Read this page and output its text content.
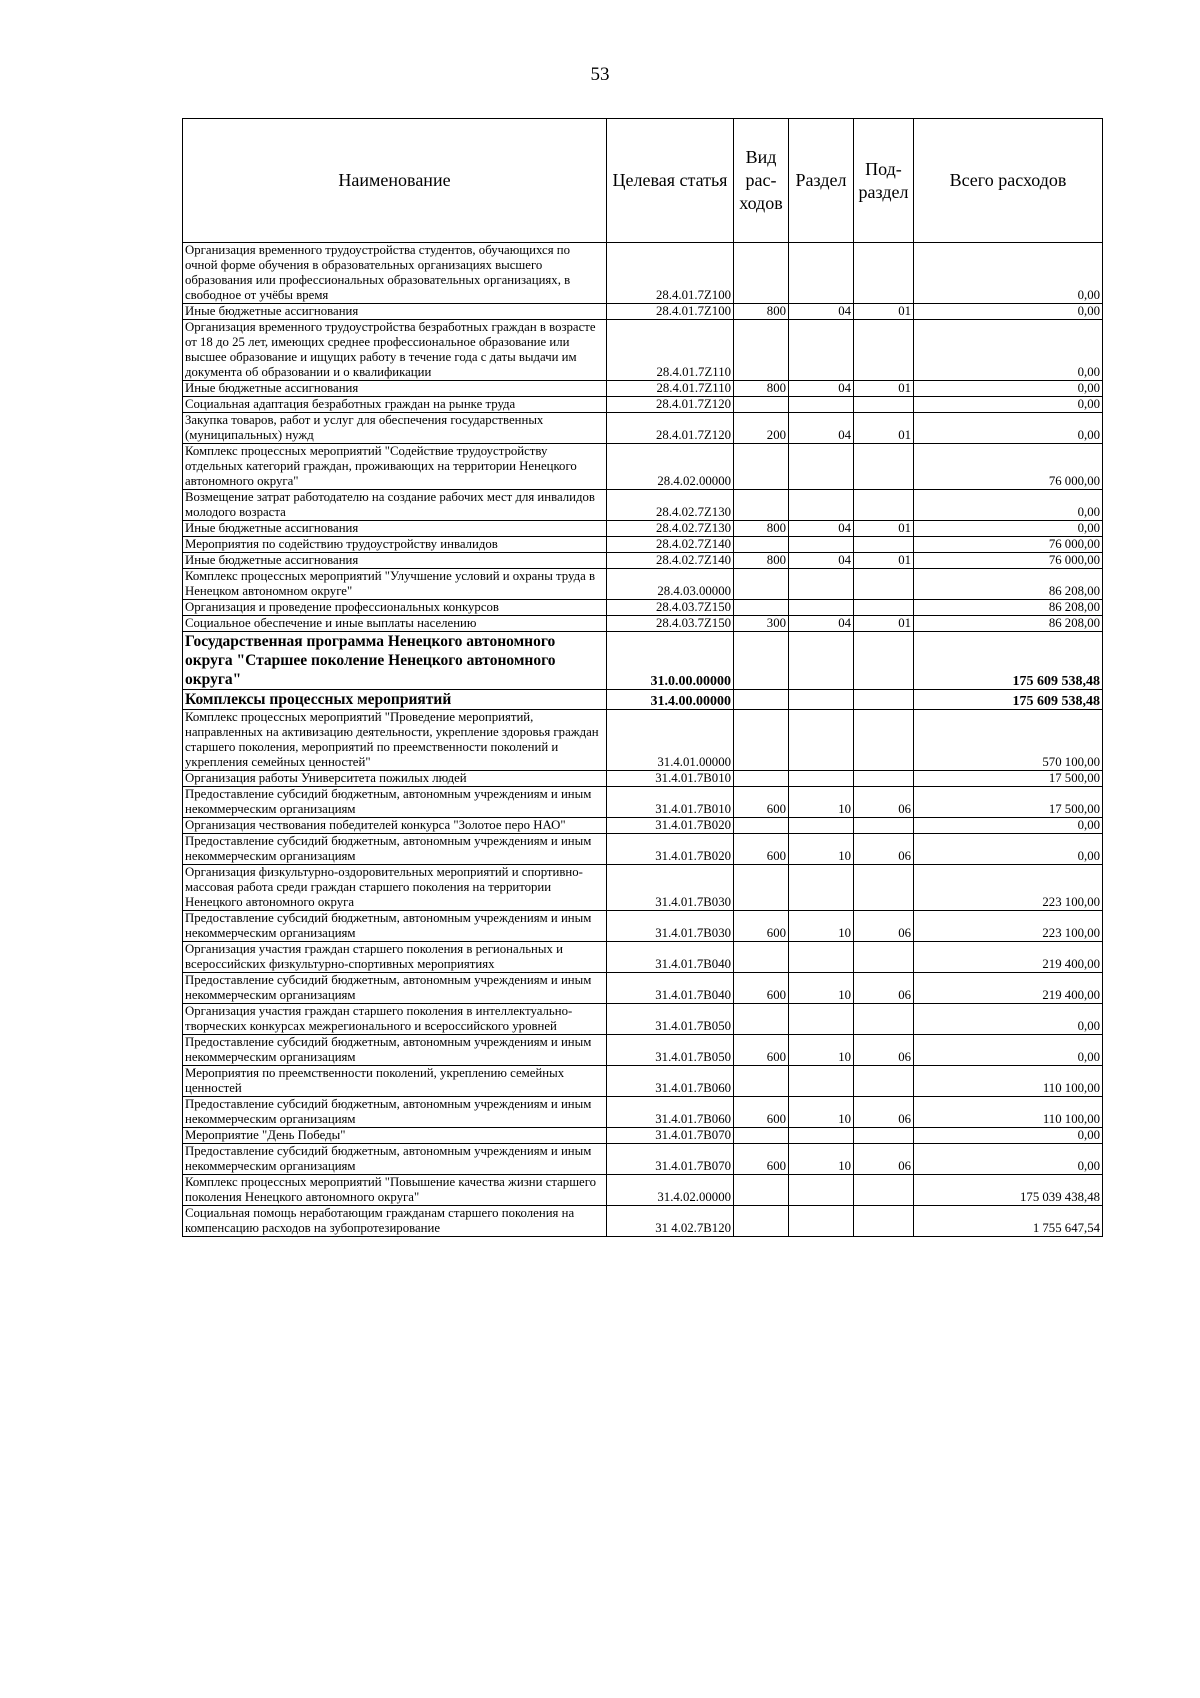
53
Наименование	Целевая статья	Вид рас- ходов	Раздел	Под- раздел	Всего расходов
Организация временного трудоустройства студентов, обучающихся по очной форме обучения в образовательных организациях высшего образования или профессиональных образовательных организациях, в свободное от учёбы время	28.4.01.7Z100				0,00
Иные бюджетные ассигнования	28.4.01.7Z100	800	04	01	0,00
Организация временного трудоустройства безработных граждан в возрасте от 18 до 25 лет, имеющих среднее профессиональное образование или высшее образование и ищущих работу в течение года с даты выдачи им документа об образовании и о квалификации	28.4.01.7Z110				0,00
Иные бюджетные ассигнования	28.4.01.7Z110	800	04	01	0,00
Социальная адаптация безработных граждан на рынке труда	28.4.01.7Z120				0,00
Закупка товаров, работ и услуг для обеспечения государственных (муниципальных) нужд	28.4.01.7Z120	200	04	01	0,00
Комплекс процессных мероприятий "Содействие трудоустройству отдельных категорий граждан, проживающих на территории Ненецкого автономного округа"	28.4.02.00000				76 000,00
Возмещение затрат работодателю на создание рабочих мест для инвалидов молодого возраста	28.4.02.7Z130				0,00
Иные бюджетные ассигнования	28.4.02.7Z130	800	04	01	0,00
Мероприятия по содействию трудоустройству инвалидов	28.4.02.7Z140				76 000,00
Иные бюджетные ассигнования	28.4.02.7Z140	800	04	01	76 000,00
Комплекс процессных мероприятий "Улучшение условий и охраны труда в Ненецком автономном округе"	28.4.03.00000				86 208,00
Организация и проведение профессиональных конкурсов	28.4.03.7Z150				86 208,00
Социальное обеспечение и иные выплаты населению	28.4.03.7Z150	300	04	01	86 208,00
Государственная программа Ненецкого автономного округа "Старшее поколение Ненецкого автономного округа"	31.0.00.00000				175 609 538,48
Комплексы процессных мероприятий	31.4.00.00000				175 609 538,48
Комплекс процессных мероприятий "Проведение мероприятий, направленных на активизацию деятельности, укрепление здоровья граждан старшего поколения, мероприятий по преемственности поколений и укрепления семейных ценностей"	31.4.01.00000				570 100,00
Организация работы Университета пожилых людей	31.4.01.7B010				17 500,00
Предоставление субсидий бюджетным, автономным учреждениям и иным некоммерческим организациям	31.4.01.7B010	600	10	06	17 500,00
Организация чествования победителей конкурса "Золотое перо НАО"	31.4.01.7B020				0,00
Предоставление субсидий бюджетным, автономным учреждениям и иным некоммерческим организациям	31.4.01.7B020	600	10	06	0,00
Организация физкультурно-оздоровительных мероприятий и спортивно-массовая работа среди граждан старшего поколения на территории Ненецкого автономного округа	31.4.01.7B030				223 100,00
Предоставление субсидий бюджетным, автономным учреждениям и иным некоммерческим организациям	31.4.01.7B030	600	10	06	223 100,00
Организация участия граждан старшего поколения в региональных и всероссийских физкультурно-спортивных мероприятиях	31.4.01.7B040				219 400,00
Предоставление субсидий бюджетным, автономным учреждениям и иным некоммерческим организациям	31.4.01.7B040	600	10	06	219 400,00
Организация участия граждан старшего поколения в интеллектуально-творческих конкурсах межрегионального и всероссийского уровней	31.4.01.7B050				0,00
Предоставление субсидий бюджетным, автономным учреждениям и иным некоммерческим организациям	31.4.01.7B050	600	10	06	0,00
Мероприятия по преемственности поколений, укреплению семейных ценностей	31.4.01.7B060				110 100,00
Предоставление субсидий бюджетным, автономным учреждениям и иным некоммерческим организациям	31.4.01.7B060	600	10	06	110 100,00
Мероприятие "День Победы"	31.4.01.7B070				0,00
Предоставление субсидий бюджетным, автономным учреждениям и иным некоммерческим организациям	31.4.01.7B070	600	10	06	0,00
Комплекс процессных мероприятий "Повышение качества жизни старшего поколения Ненецкого автономного округа"	31.4.02.00000				175 039 438,48
Социальная помощь неработающим гражданам старшего поколения на компенсацию расходов на зубопротезирование	31 4.02.7B120				1 755 647,54
